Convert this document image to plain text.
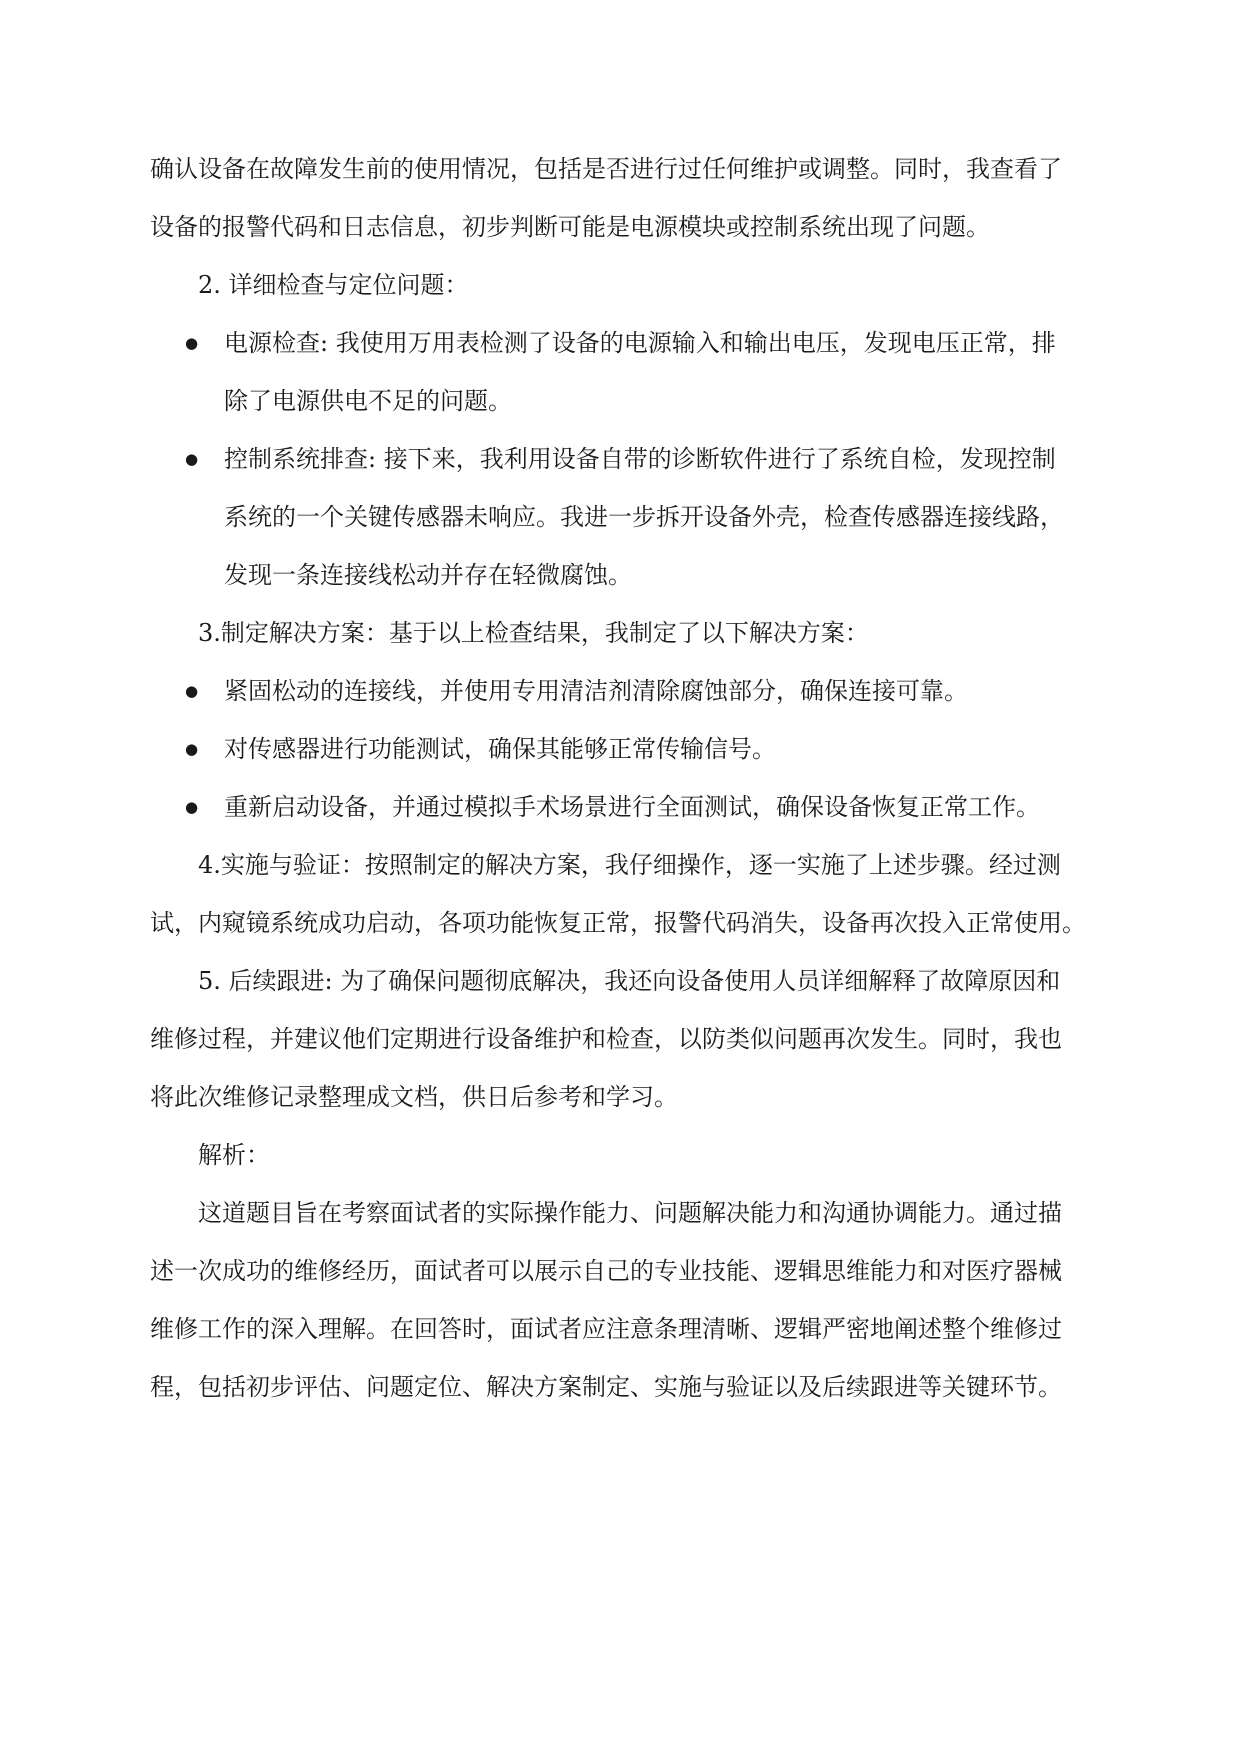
确认设备在故障发生前的使用情况，包括是否进行过任何维护或调整。同时，我查看了
设备的报警代码和日志信息，初步判断可能是电源模块或控制系统出现了问题。
2. 详细检查与定位问题：
●	电源检查: 我使用万用表检测了设备的电源输入和输出电压，发现电压正常，排
除了电源供电不足的问题。
●	控制系统排查: 接下来，我利用设备自带的诊断软件进行了系统自检，发现控制
系统的一个关键传感器未响应。我进一步拆开设备外壳，检查传感器连接线路，
发现一条连接线松动并存在轻微腐蚀。
3.制定解决方案：基于以上检查结果，我制定了以下解决方案：
●	紧固松动的连接线，并使用专用清洁剂清除腐蚀部分，确保连接可靠。
●	对传感器进行功能测试，确保其能够正常传输信号。
●	重新启动设备，并通过模拟手术场景进行全面测试，确保设备恢复正常工作。
4.实施与验证：按照制定的解决方案，我仔细操作，逐一实施了上述步骤。经过测
试，内窥镜系统成功启动，各项功能恢复正常，报警代码消失，设备再次投入正常使用。
5. 后续跟进: 为了确保问题彻底解决，我还向设备使用人员详细解释了故障原因和
维修过程，并建议他们定期进行设备维护和检查，以防类似问题再次发生。同时，我也
将此次维修记录整理成文档，供日后参考和学习。
解析：
这道题目旨在考察面试者的实际操作能力、问题解决能力和沟通协调能力。通过描
述一次成功的维修经历，面试者可以展示自己的专业技能、逻辑思维能力和对医疗器械
维修工作的深入理解。在回答时，面试者应注意条理清晰、逻辑严密地阐述整个维修过
程，包括初步评估、问题定位、解决方案制定、实施与验证以及后续跟进等关键环节。
